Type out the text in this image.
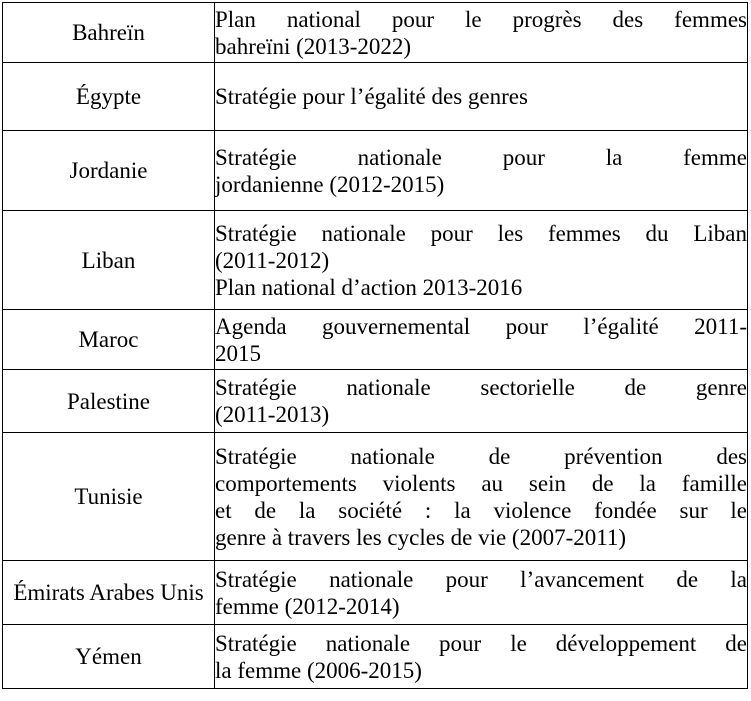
Bahreïn	Plan national pour le progrès des femmes
bahreïni (2013-2022)

Égypte	Stratégie pour l’égalité des genres

Jordanie	Stratégie nationale pour la femme
jordanienne (2012-2015)

Liban	Stratégie nationale pour les femmes du Liban
(2011-2012)
Plan national d’action 2013-2016

Maroc	Agenda gouvernemental pour l’égalité 2011-
2015

Palestine	Stratégie nationale sectorielle de genre
(2011-2013)

Tunisie	Stratégie nationale de prévention des
comportements violents au sein de la famille
et de la société : la violence fondée sur le
genre à travers les cycles de vie (2007-2011)

Émirats Arabes Unis	Stratégie nationale pour l’avancement de la
femme (2012-2014)

Yémen	Stratégie nationale pour le développement de
la femme (2006-2015)
